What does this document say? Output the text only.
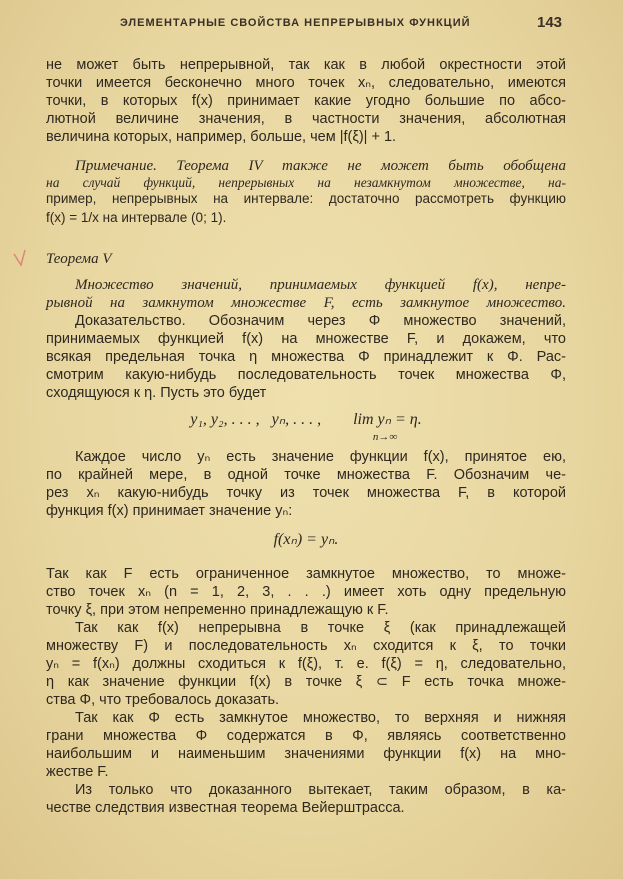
ЭЛЕМЕНТАРНЫЕ СВОЙСТВА НЕПРЕРЫВНЫХ ФУНКЦИЙ	143
не может быть непрерывной, так как в любой окрестности этой
точки имеется бесконечно много точек xₙ, следовательно, имеются
точки, в которых f(x) принимает какие угодно большие по абсо-
лютной величине значения, в частности значения, абсолютная
величина которых, например, больше, чем |f(ξ)| + 1.
Примечание. Теорема IV также не может быть обобщена
на случай функций, непрерывных на незамкнутом множестве, на-
пример, непрерывных на интервале: достаточно рассмотреть функцию
f(x) = 1/x на интервале (0; 1).
Теорема V
Множество значений, принимаемых функцией f(x), непре-
рывной на замкнутом множестве F, есть замкнутое множество.
Доказательство. Обозначим через Φ множество значений,
принимаемых функцией f(x) на множестве F, и докажем, что
всякая предельная точка η множества Φ принадлежит к Φ. Рас-
смотрим какую-нибудь последовательность точек множества Φ,
сходящуюся к η. Пусть это будет
y₁, y₂, . . . ,   yₙ, . . . ,        lim yₙ = η.
n→∞
Каждое число yₙ есть значение функции f(x), принятое ею,
по крайней мере, в одной точке множества F. Обозначим че-
рез xₙ какую-нибудь точку из точек множества F, в которой
функция f(x) принимает значение yₙ:
f(xₙ) = yₙ.
Так как F есть ограниченное замкнутое множество, то множе-
ство точек xₙ (n = 1, 2, 3, . . .) имеет хоть одну предельную
точку ξ, при этом непременно принадлежащую к F.
Так как f(x) непрерывна в точке ξ (как принадлежащей
множеству F) и последовательность xₙ сходится к ξ, то точки
yₙ = f(xₙ) должны сходиться к f(ξ), т. е. f(ξ) = η, следовательно,
η как значение функции f(x) в точке ξ ⊂ F есть точка множе-
ства Φ, что требовалось доказать.
Так как Φ есть замкнутое множество, то верхняя и нижняя
грани множества Φ содержатся в Φ, являясь соответственно
наибольшим и наименьшим значениями функции f(x) на мно-
жестве F.
Из только что доказанного вытекает, таким образом, в ка-
честве следствия известная теорема Вейерштрасса.
